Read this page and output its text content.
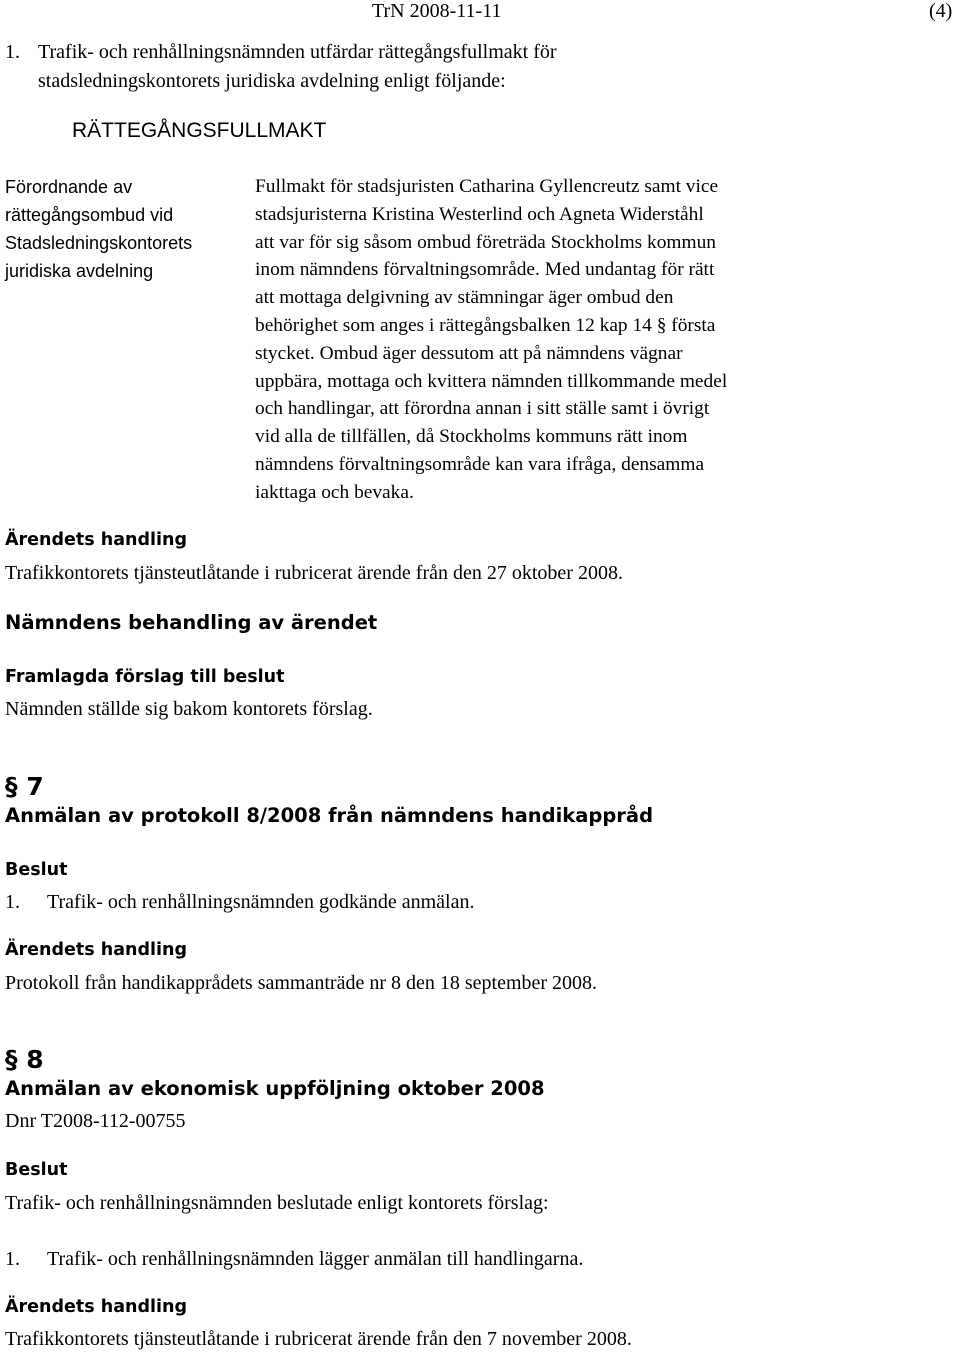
TrN 2008-11-11	(4)
1. Trafik- och renhållningsnämnden utfärdar rättegångsfullmakt för
stadsledningskontorets juridiska avdelning enligt följande:
RÄTTEGÅNGSFULLMAKT
Förordnande av
rättegångsombud vid
Stadsledningskontorets
juridiska avdelning
Fullmakt för stadsjuristen Catharina Gyllencreutz samt vice
stadsjuristerna Kristina Westerlind och Agneta Widerståhl
att var för sig såsom ombud företräda Stockholms kommun
inom nämndens förvaltningsområde. Med undantag för rätt
att mottaga delgivning av stämningar äger ombud den
behörighet som anges i rättegångsbalken 12 kap 14 § första
stycket. Ombud äger dessutom att på nämndens vägnar
uppbära, mottaga och kvittera nämnden tillkommande medel
och handlingar, att förordna annan i sitt ställe samt i övrigt
vid alla de tillfällen, då Stockholms kommuns rätt inom
nämndens förvaltningsområde kan vara ifråga, densamma
iakttaga och bevaka.
Ärendets handling
Trafikkontorets tjänsteutlåtande i rubricerat ärende från den 27 oktober 2008.
Nämndens behandling av ärendet
Framlagda förslag till beslut
Nämnden ställde sig bakom kontorets förslag.
§ 7
Anmälan av protokoll 8/2008 från nämndens handikappråd
Beslut
1. Trafik- och renhållningsnämnden godkände anmälan.
Ärendets handling
Protokoll från handikapprådets sammanträde nr 8 den 18 september 2008.
§ 8
Anmälan av ekonomisk uppföljning oktober 2008
Dnr T2008-112-00755
Beslut
Trafik- och renhållningsnämnden beslutade enligt kontorets förslag:
1. Trafik- och renhållningsnämnden lägger anmälan till handlingarna.
Ärendets handling
Trafikkontorets tjänsteutlåtande i rubricerat ärende från den 7 november 2008.
